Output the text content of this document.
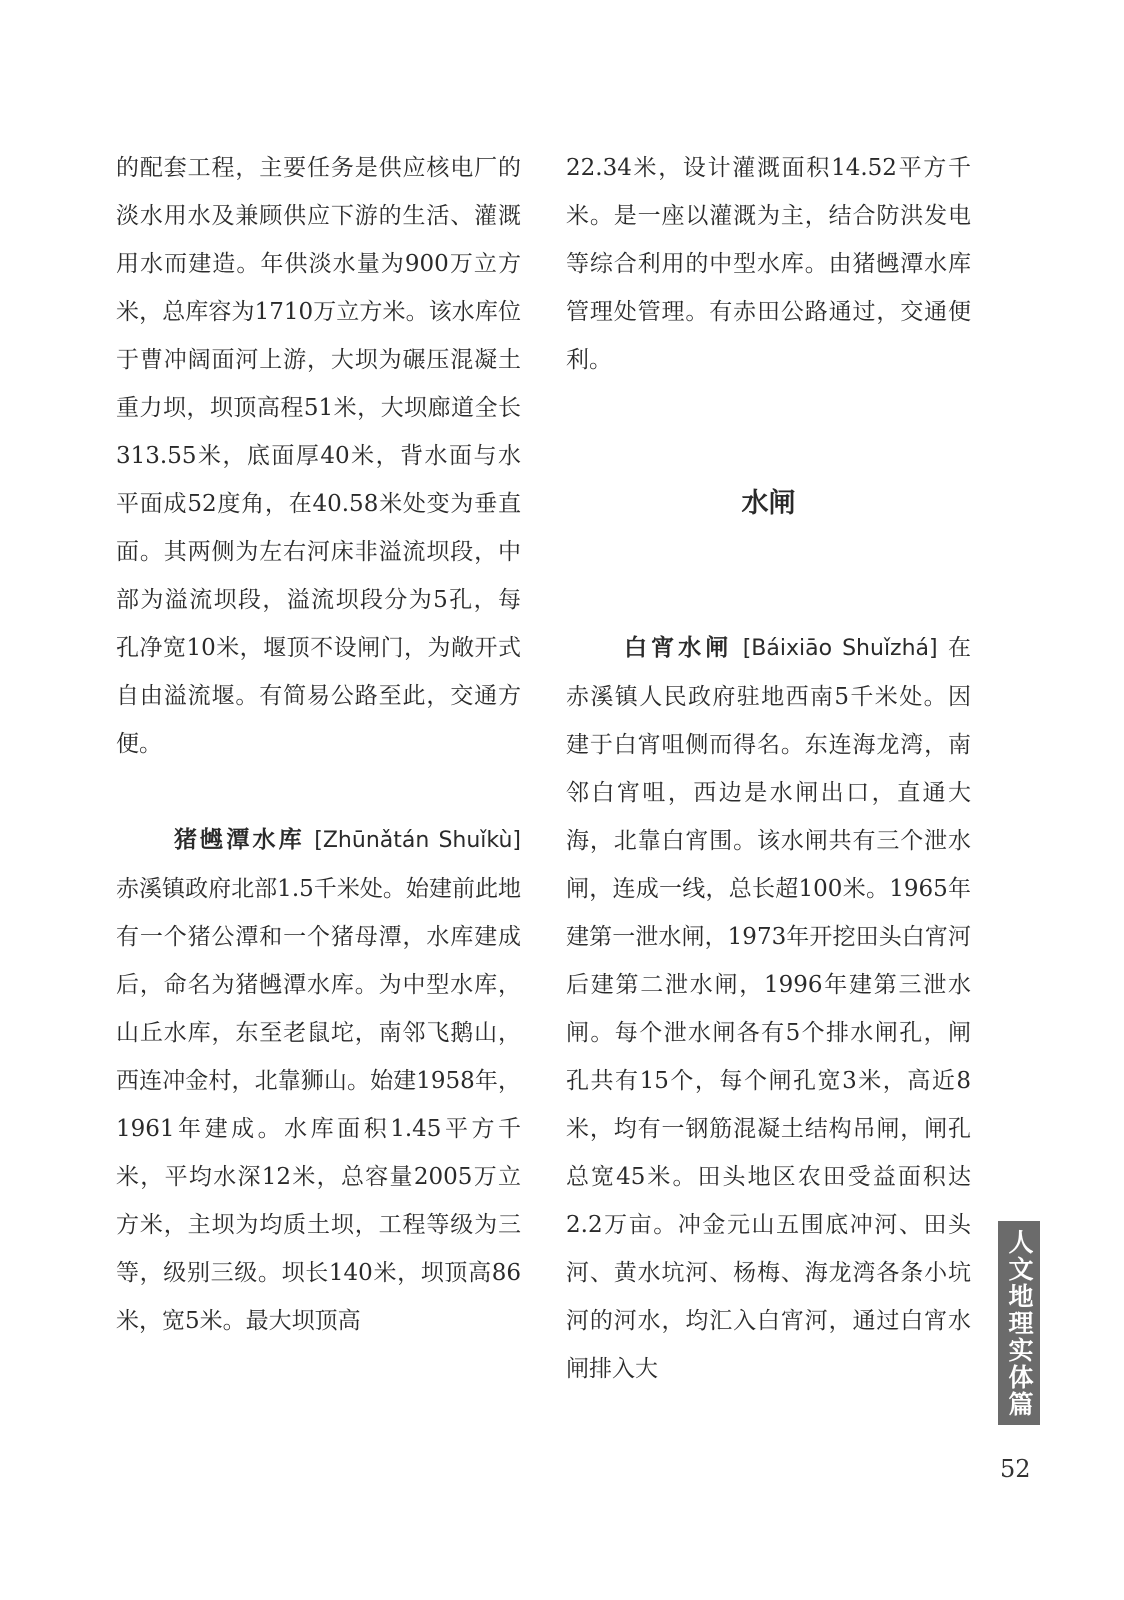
的配套工程，主要任务是供应核电厂的淡水用水及兼顾供应下游的生活、灌溉用水而建造。年供淡水量为900万立方米，总库容为1710万立方米。该水库位于曹冲阔面河上游，大坝为碾压混凝土重力坝，坝顶高程51米，大坝廊道全长313.55米，底面厚40米，背水面与水平面成52度角，在40.58米处变为垂直面。其两侧为左右河床非溢流坝段，中部为溢流坝段，溢流坝段分为5孔，每孔净宽10米，堰顶不设闸门，为敞开式自由溢流堰。有简易公路至此，交通方便。

猪乸潭水库 [Zhūnǎtán Shuǐkù] 赤溪镇政府北部1.5千米处。始建前此地有一个猪公潭和一个猪母潭，水库建成后，命名为猪乸潭水库。为中型水库，山丘水库，东至老鼠坨，南邻飞鹅山，西连冲金村，北靠狮山。始建1958年，1961年建成。水库面积1.45平方千米，平均水深12米，总容量2005万立方米，主坝为均质土坝，工程等级为三等，级别三级。坝长140米，坝顶高86米，宽5米。最大坝顶高

22.34米，设计灌溉面积14.52平方千米。是一座以灌溉为主，结合防洪发电等综合利用的中型水库。由猪乸潭水库管理处管理。有赤田公路通过，交通便利。

水闸

白宵水闸 [Báixiāo Shuǐzhá] 在赤溪镇人民政府驻地西南5千米处。因建于白宵咀侧而得名。东连海龙湾，南邻白宵咀，西边是水闸出口，直通大海，北靠白宵围。该水闸共有三个泄水闸，连成一线，总长超100米。1965年建第一泄水闸，1973年开挖田头白宵河后建第二泄水闸，1996年建第三泄水闸。每个泄水闸各有5个排水闸孔，闸孔共有15个，每个闸孔宽3米，高近8米，均有一钢筋混凝土结构吊闸，闸孔总宽45米。田头地区农田受益面积达2.2万亩。冲金元山五围底冲河、田头河、黄水坑河、杨梅、海龙湾各条小坑河的河水，均汇入白宵河，通过白宵水闸排入大	人文地理实体篇
52
